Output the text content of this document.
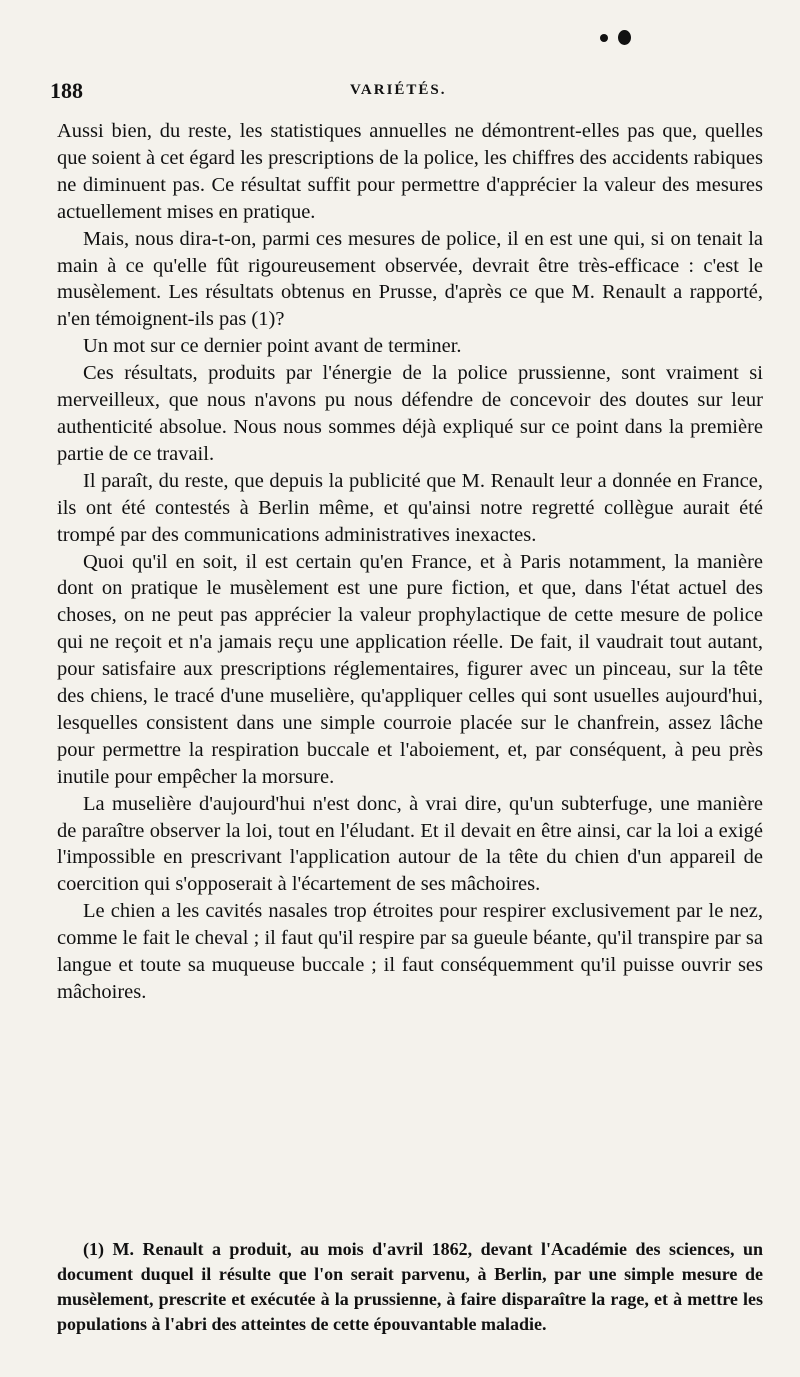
188	VARIÉTÉS.

Aussi bien, du reste, les statistiques annuelles ne démontrent-elles pas que, quelles que soient à cet égard les prescriptions de la police, les chiffres des accidents rabiques ne diminuent pas. Ce résultat suffit pour permettre d'apprécier la valeur des mesures actuellement mises en pratique.

Mais, nous dira-t-on, parmi ces mesures de police, il en est une qui, si on tenait la main à ce qu'elle fût rigoureusement observée, devrait être très-efficace : c'est le musèlement. Les résultats obtenus en Prusse, d'après ce que M. Renault a rapporté, n'en témoignent-ils pas (1)?

Un mot sur ce dernier point avant de terminer.

Ces résultats, produits par l'énergie de la police prussienne, sont vraiment si merveilleux, que nous n'avons pu nous défendre de concevoir des doutes sur leur authenticité absolue. Nous nous sommes déjà expliqué sur ce point dans la première partie de ce travail.

Il paraît, du reste, que depuis la publicité que M. Renault leur a donnée en France, ils ont été contestés à Berlin même, et qu'ainsi notre regretté collègue aurait été trompé par des communications administratives inexactes.

Quoi qu'il en soit, il est certain qu'en France, et à Paris notamment, la manière dont on pratique le musèlement est une pure fiction, et que, dans l'état actuel des choses, on ne peut pas apprécier la valeur prophylactique de cette mesure de police qui ne reçoit et n'a jamais reçu une application réelle. De fait, il vaudrait tout autant, pour satisfaire aux prescriptions réglementaires, figurer avec un pinceau, sur la tête des chiens, le tracé d'une muselière, qu'appliquer celles qui sont usuelles aujourd'hui, lesquelles consistent dans une simple courroie placée sur le chanfrein, assez lâche pour permettre la respiration buccale et l'aboiement, et, par conséquent, à peu près inutile pour empêcher la morsure.

La muselière d'aujourd'hui n'est donc, à vrai dire, qu'un subterfuge, une manière de paraître observer la loi, tout en l'éludant. Et il devait en être ainsi, car la loi a exigé l'impossible en prescrivant l'application autour de la tête du chien d'un appareil de coercition qui s'opposerait à l'écartement de ses mâchoires.

Le chien a les cavités nasales trop étroites pour respirer exclusivement par le nez, comme le fait le cheval ; il faut qu'il respire par sa gueule béante, qu'il transpire par sa langue et toute sa muqueuse buccale ; il faut conséquemment qu'il puisse ouvrir ses mâchoires.

(1) M. Renault a produit, au mois d'avril 1862, devant l'Académie des sciences, un document duquel il résulte que l'on serait parvenu, à Berlin, par une simple mesure de musèlement, prescrite et exécutée à la prussienne, à faire disparaître la rage, et à mettre les populations à l'abri des atteintes de cette épouvantable maladie.
